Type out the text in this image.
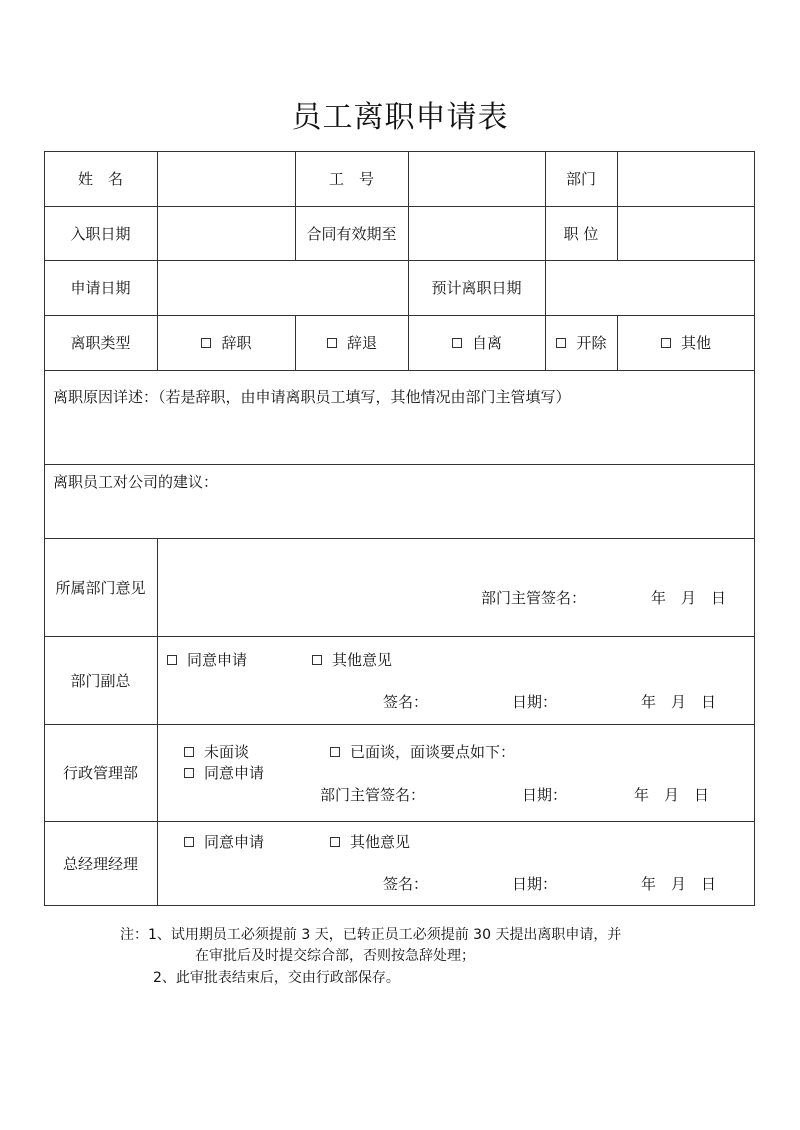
员工离职申请表
姓　名	工　号	部门
入职日期	合同有效期至	职 位
申请日期	预计离职日期
离职类型	辞职	辞退	自离	开除	其他
离职原因详述：（若是辞职，由申请离职员工填写，其他情况由部门主管填写）
离职员工对公司的建议：
所属部门意见
部门主管签名：	年　月　日
部门副总
同意申请	其他意见
签名：	日期：	年　月　日
行政管理部
未面谈	已面谈，面谈要点如下：
同意申请
部门主管签名：	日期：	年　月　日
总经理经理
同意申请	其他意见
签名：	日期：	年　月　日
注：1、试用期员工必须提前 3 天，已转正员工必须提前 30 天提出离职申请，并
在审批后及时提交综合部，否则按急辞处理；
2、此审批表结束后，交由行政部保存。
